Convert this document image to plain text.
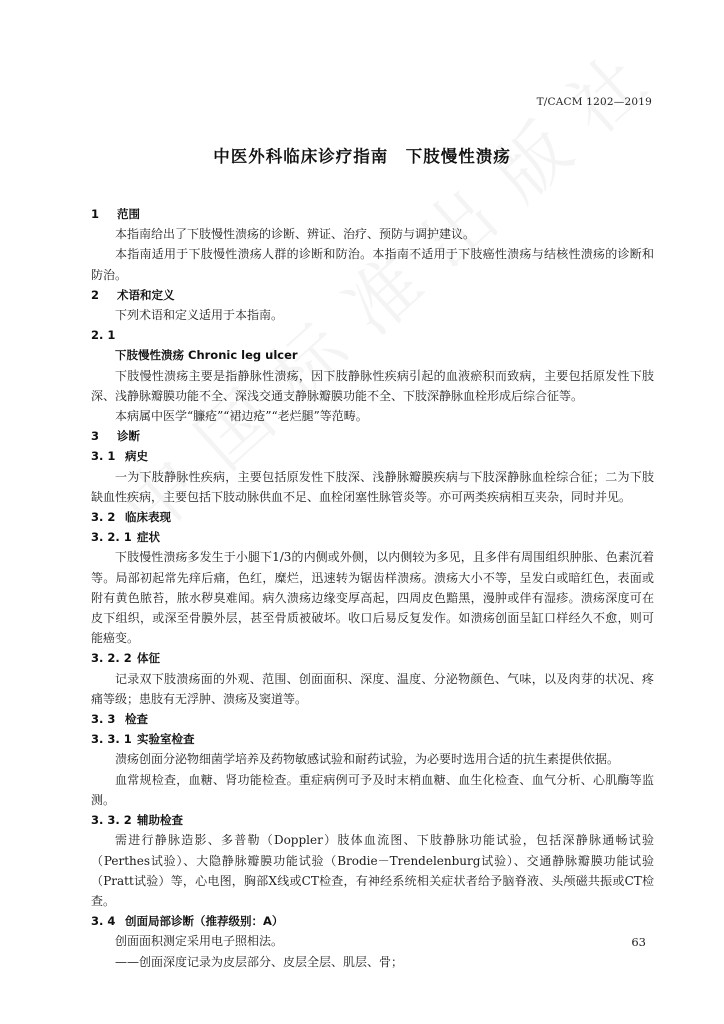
T/CACM 1202—2019
中医外科临床诊疗指南　下肢慢性溃疡

1 范围

本指南给出了下肢慢性溃疡的诊断、辨证、治疗、预防与调护建议。

本指南适用于下肢慢性溃疡人群的诊断和防治。本指南不适用于下肢癌性溃疡与结核性溃疡的诊断和防治。

2 术语和定义

下列术语和定义适用于本指南。

2. 1

下肢慢性溃疡 Chronic leg ulcer

下肢慢性溃疡主要是指静脉性溃疡，因下肢静脉性疾病引起的血液瘀积而致病，主要包括原发性下肢深、浅静脉瓣膜功能不全、深浅交通支静脉瓣膜功能不全、下肢深静脉血栓形成后综合征等。

本病属中医学“臁疮”“裙边疮”“老烂腿”等范畴。

3 诊断

3. 1 病史

一为下肢静脉性疾病，主要包括原发性下肢深、浅静脉瓣膜疾病与下肢深静脉血栓综合征；二为下肢缺血性疾病，主要包括下肢动脉供血不足、血栓闭塞性脉管炎等。亦可两类疾病相互夹杂，同时并见。

3. 2 临床表现

3. 2. 1 症状

下肢慢性溃疡多发生于小腿下1/3的内侧或外侧，以内侧较为多见，且多伴有周围组织肿胀、色素沉着等。局部初起常先痒后痛，色红，糜烂，迅速转为锯齿样溃疡。溃疡大小不等，呈发白或暗红色，表面或附有黄色脓苔，脓水秽臭难闻。病久溃疡边缘变厚高起，四周皮色黯黑，漫肿或伴有湿疹。溃疡深度可在皮下组织，或深至骨膜外层，甚至骨质被破坏。收口后易反复发作。如溃疡创面呈缸口样经久不愈，则可能癌变。

3. 2. 2 体征

记录双下肢溃疡面的外观、范围、创面面积、深度、温度、分泌物颜色、气味，以及肉芽的状况、疼痛等级；患肢有无浮肿、溃疡及窦道等。

3. 3 检查

3. 3. 1 实验室检查

溃疡创面分泌物细菌学培养及药物敏感试验和耐药试验，为必要时选用合适的抗生素提供依据。

血常规检查，血糖、肾功能检查。重症病例可予及时末梢血糖、血生化检查、血气分析、心肌酶等监测。

3. 3. 2 辅助检查

需进行静脉造影、多普勒（Doppler）肢体血流图、下肢静脉功能试验，包括深静脉通畅试验（Perthes试验）、大隐静脉瓣膜功能试验（Brodie－Trendelenburg试验）、交通静脉瓣膜功能试验（Pratt试验）等，心电图，胸部X线或CT检查，有神经系统相关症状者给予脑脊液、头颅磁共振或CT检查。

3. 4 创面局部诊断（推荐级别：A）

创面面积测定采用电子照相法。

——创面深度记录为皮层部分、皮层全层、肌层、骨；

63
